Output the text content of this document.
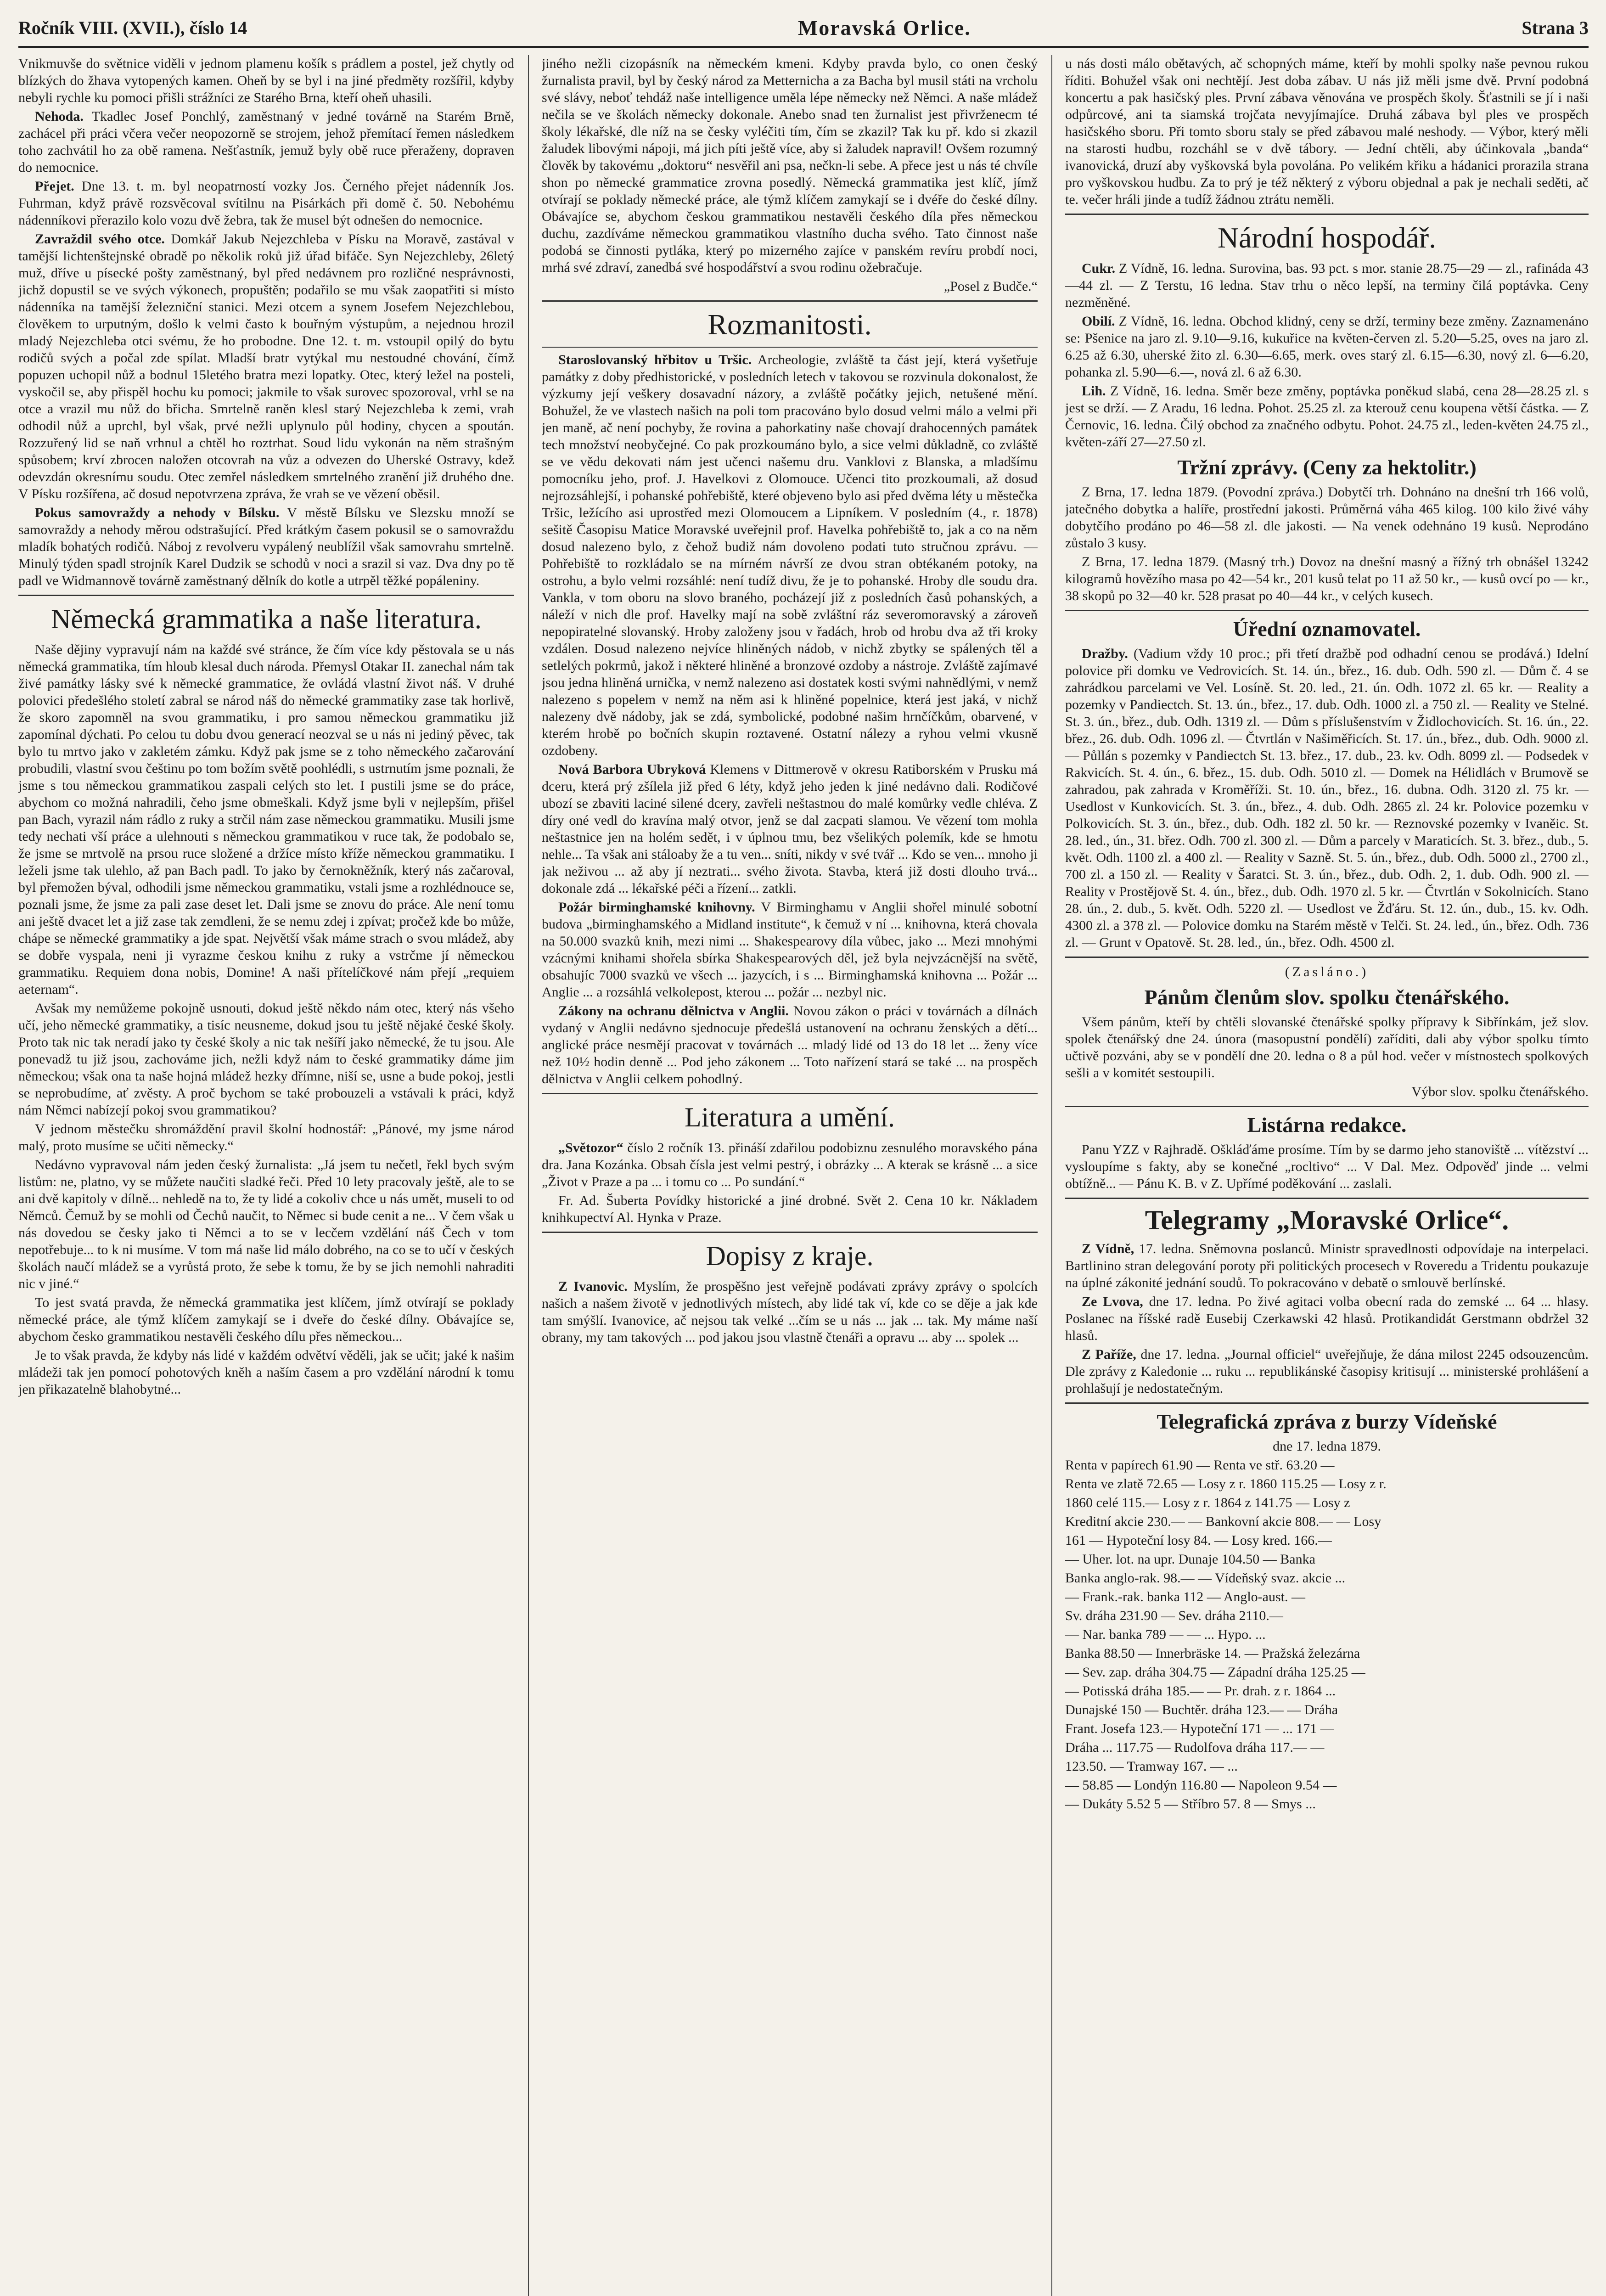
Ročník VIII. (XVII.), číslo 14	Moravská Orlice.	Strana 3

Vnikmuvše do světnice viděli v jednom plamenu košík s prádlem a postel, jež chytly od blízkých do žhava vytopených kamen. Oheň by se byl i na jiné předměty rozšířil, kdyby nebyli rychle ku pomoci přišli strážníci ze Starého Brna, kteří oheň uhasili.

Nehoda. Tkadlec Josef Ponchlý, zaměstnaný v jedné továrně na Starém Brně, zachácel při práci včera večer neopozorně se strojem, jehož přemítací řemen následkem toho zachvátil ho za obě ramena. Nešťastník, jemuž byly obě ruce přeraženy, dopraven do nemocnice.

Přejet. Dne 13. t. m. byl neopatrností vozky Jos. Černého přejet nádenník Jos. Fuhrman, když právě rozsvěcoval svítilnu na Pisárkách při domě č. 50. Nebohému nádenníkovi přerazilo kolo vozu dvě žebra, tak že musel být odnešen do nemocnice.

Zavraždil svého otce. Domkář Jakub Nejezchleba v Písku na Moravě, zastával v tamější lichtenštejnské obradě po několik roků již úřad bifáče. Syn Nejezchleby, 26letý muž, dříve u písecké pošty zaměstnaný, byl před nedávnem pro rozličné nesprávnosti, jichž dopustil se ve svých výkonech, propuštěn; podařilo se mu však zaopatřiti si místo nádenníka na tamější železniční stanici. Mezi otcem a synem Josefem Nejezchlebou, člověkem to urputným, došlo k velmi často k bouřným výstupům, a nejednou hrozil mladý Nejezchleba otci svému, že ho probodne. Dne 12. t. m. vstoupil opilý do bytu rodičů svých a počal zde spílat. Mladší bratr vytýkal mu nestoudné chování, čímž popuzen uchopil nůž a bodnul 15letého bratra mezi lopatky. Otec, který ležel na posteli, vyskočil se, aby přispěl hochu ku pomoci; jakmile to však surovec spozoroval, vrhl se na otce a vrazil mu nůž do břicha. Smrtelně raněn klesl starý Nejezchleba k zemi, vrah odhodil nůž a uprchl, byl však, prvé nežli uplynulo půl hodiny, chycen a spoután. Rozzuřený lid se naň vrhnul a chtěl ho roztrhat. Soud lidu vykonán na něm strašným spůsobem; krví zbrocen naložen otcovrah na vůz a odvezen do Uherské Ostravy, kdež odevzdán okresnímu soudu. Otec zemřel následkem smrtelného zranění již druhého dne. V Písku rozšířena, ač dosud nepotvrzena zpráva, že vrah se ve vězení oběsil.

Pokus samovraždy a nehody v Bílsku. V městě Bílsku ve Slezsku množí se samovraždy a nehody měrou odstrašující. Před krátkým časem pokusil se o samovraždu mladík bohatých rodičů. Náboj z revolveru vypálený neublížil však samovrahu smrtelně. Minulý týden spadl strojník Karel Dudzik se schodů v noci a srazil si vaz. Dva dny po tě padl ve Widmannově továrně zaměstnaný dělník do kotle a utrpěl těžké popáleniny.

Německá grammatika a naše literatura.

Naše dějiny vypravují nám na každé své stránce, že čím více kdy pěstovala se u nás německá grammatika, tím hloub klesal duch národa. Přemysl Otakar II. zanechal nám tak živé památky lásky své k německé grammatice, že ovládá vlastní život náš. V druhé polovici předešlého století zabral se národ náš do německé grammatiky zase tak horlivě, že skoro zapomněl na svou grammatiku, i pro samou německou grammatiku již zapomínal dýchati. Po celou tu dobu dvou generací neozval se u nás ni jediný pěvec, tak bylo tu mrtvo jako v zakletém zámku. Když pak jsme se z toho německého začarování probudili, vlastní svou češtinu po tom božím světě poohlédli, s ustrnutím jsme poznali, že jsme s tou německou grammatikou zaspali celých sto let. I pustili jsme se do práce, abychom co možná nahradili, čeho jsme obmeškali. Když jsme byli v nejlepším, přišel pan Bach, vyrazil nám rádlo z ruky a strčil nám zase německou grammatiku. Musili jsme tedy nechati vší práce a ulehnouti s německou grammatikou v ruce tak, že podobalo se, že jsme se mrtvolě na prsou ruce složené a držíce místo kříže německou grammatiku. I leželi jsme tak ulehlo, až pan Bach padl. To jako by černokněžník, který nás začaroval, byl přemožen býval, odhodili jsme německou grammatiku, vstali jsme a rozhlédnouce se, poznali jsme, že jsme za pali zase deset let. Dali jsme se znovu do práce. Ale není tomu ani ještě dvacet let a již zase tak zemdleni, že se nemu zdej i zpívat; pročež kde bo může, chápe se německé grammatiky a jde spat. Největší však máme strach o svou mládež, aby se dobře vyspala, neni ji vyrazme českou knihu z ruky a vstrčme jí německou grammatiku. Requiem dona nobis, Domine! A naši přítelíčkové nám přejí „requiem aeternam“.

Avšak my nemůžeme pokojně usnouti, dokud ještě někdo nám otec, který nás všeho učí, jeho německé grammatiky, a tisíc neusneme, dokud jsou tu ještě nějaké české školy. Proto tak nic tak neradí jako ty české školy a nic tak nešíří jako německé, že tu jsou. Ale ponevadž tu již jsou, zachováme jich, nežli když nám to české grammatiky dáme jim německou; však ona ta naše hojná mládež hezky dřímne, niší se, usne a bude pokoj, jestli se neprobudíme, ať zvěsty. A proč bychom se také probouzeli a vstávali k práci, když nám Němci nabízejí pokoj svou grammatikou?

V jednom městečku shromáždění pravil školní hodnostář: „Pánové, my jsme národ malý, proto musíme se učiti německy.“

Nedávno vypravoval nám jeden český žurnalista: „Já jsem tu nečetl, řekl bych svým listům: ne, platno, vy se můžete naučiti sladké řeči. Před 10 lety pracovaly ještě, ale to se ani dvě kapitoly v dílně... nehledě na to, že ty lidé a cokoliv chce u nás umět, museli to od Němců. Čemuž by se mohli od Čechů naučit, to Němec si bude cenit a ne... V čem však u nás dovedou se česky jako ti Němci a to se v lecčem vzdělání náš Čech v tom nepotřebuje... to k ni musíme. V tom má naše lid málo dobrého, na co se to učí v českých školách naučí mládež se a vyrůstá proto, že sebe k tomu, že by se jich nemohli nahraditi nic v jiné.“

To jest svatá pravda, že německá grammatika jest klíčem, jímž otvírají se poklady německé práce, ale týmž klíčem zamykají se i dveře do české dílny. Obávajíce se, abychom česko grammatikou nestavěli českého dílu přes německou...

Je to však pravda, že kdyby nás lidé v každém odvětví věděli, jak se učit; jaké k našim mládeži tak jen pomocí pohotových kněh a naším časem a pro vzdělání národní k tomu jen přikazatelně blahobytné...

jiného nežli cizopásník na německém kmeni. Kdyby pravda bylo, co onen český žurnalista pravil, byl by český národ za Metternicha a za Bacha byl musil státi na vrcholu své slávy, neboť tehdáž naše intelligence uměla lépe německy než Němci. A naše mládež nečila se ve školách německy dokonale. Anebo snad ten žurnalist jest přivrženecm té školy lékařské, dle níž na se česky vyléčiti tím, čím se zkazil? Tak ku př. kdo si zkazil žaludek libovými nápoji, má jich píti ještě více, aby si žaludek napravil! Ovšem rozumný člověk by takovému „doktoru“ nesvěřil ani psa, nečkn-li sebe. A přece jest u nás té chvíle shon po německé grammatice zrovna posedlý. Německá grammatika jest klíč, jímž otvírají se poklady německé práce, ale týmž klíčem zamykají se i dvéře do české dílny. Obávajíce se, abychom českou grammatikou nestavěli českého díla přes německou duchu, zazdíváme německou grammatikou vlastního ducha svého. Tato činnost naše podobá se činnosti pytláka, který po mizerného zajíce v panském revíru probdí noci, mrhá své zdraví, zanedbá své hospodářství a svou rodinu ožebračuje.

„Posel z Budče.“

Rozmanitosti.

Staroslovanský hřbitov u Tršic. Archeologie, zvláště ta část její, která vyšetřuje památky z doby předhistorické, v posledních letech v takovou se rozvinula dokonalost, že výzkumy její veškery dosavadní názory, a zvláště počátky jejich, netušené mění. Bohužel, že ve vlastech našich na poli tom pracováno bylo dosud velmi málo a velmi při jen maně, ač není pochyby, že rovina a pahorkatiny naše chovají drahocenných památek tech množství neobyčejné. Co pak prozkoumáno bylo, a sice velmi důkladně, co zvláště se ve vědu dekovati nám jest učenci našemu dru. Vanklovi z Blanska, a mladšímu pomocníku jeho, prof. J. Havelkovi z Olomouce. Učenci tito prozkoumali, až dosud nejrozsáhlejší, i pohanské pohřebiště, které objeveno bylo asi před dvěma léty u městečka Tršic, ležícího asi uprostřed mezi Olomoucem a Lipníkem. V posledním (4., r. 1878) sešitě Časopisu Matice Moravské uveřejnil prof. Havelka pohřebiště to, jak a co na něm dosud nalezeno bylo, z čehož budiž nám dovoleno podati tuto stručnou zprávu. — Pohřebiště to rozkládalo se na mírném návrší ze dvou stran obtékaném potoky, na ostrohu, a bylo velmi rozsáhlé: není tudíž divu, že je to pohanské. Hroby dle soudu dra. Vankla, v tom oboru na slovo braného, pocházejí již z posledních časů pohanských, a náleží v nich dle prof. Havelky mají na sobě zvláštní ráz severomoravský a zároveň nepopiratelné slovanský. Hroby založeny jsou v řadách, hrob od hrobu dva až tři kroky vzdálen. Dosud nalezeno nejvíce hliněných nádob, v nichž zbytky se spálených těl a setlelých pokrmů, jakož i některé hliněné a bronzové ozdoby a nástroje. Zvláště zajímavé jsou jedna hliněná urnička, v nemž nalezeno asi dostatek kosti svými nahnědlými, v nemž nalezeno s popelem v nemž na něm asi k hliněné popelnice, která jest jaká, v nichž nalezeny dvě nádoby, jak se zdá, symbolické, podobné našim hrnčíčkům, obarvené, v kterém hrobě po bočních skupin roztavené. Ostatní nálezy a ryhou velmi vkusně ozdobeny.

Nová Barbora Ubryková Klemens v Dittmerově v okresu Ratiborském v Prusku má dceru, která prý zšílela již před 6 léty, když jeho jeden k jiné nedávno dali. Rodičové ubozí se zbaviti laciné silené dcery, zavřeli neštastnou do malé komůrky vedle chléva. Z díry oné vedl do kravína malý otvor, jenž se dal zacpati slamou. Ve vězení tom mohla neštastnice jen na holém sedět, i v úplnou tmu, bez všelikých polemík, kde se hmotu nehle... Ta však ani stáloaby že a tu ven... sníti, nikdy v své tvář ... Kdo se ven... mnoho ji jak neživou ... až aby jí neztrati... svého života. Stavba, která již dosti dlouho trvá... dokonale zdá ... lékařské péči a řízení... zatkli.

Požár birminghamské knihovny. V Birminghamu v Anglii shořel minulé sobotní budova „birminghamského a Midland institute“, k čemuž v ní ... knihovna, která chovala na 50.000 svazků knih, mezi nimi ... Shakespearovy díla vůbec, jako ... Mezi mnohými vzácnými knihami shořela sbírka Shakespearových děl, jež byla nejvzácnější na světě, obsahujíc 7000 svazků ve všech ... jazycích, i s ... Birminghamská knihovna ... Požár ... Anglie ... a rozsáhlá velkolepost, kterou ... požár ... nezbyl nic.

Zákony na ochranu dělnictva v Anglii. Novou zákon o práci v továrnách a dílnách vydaný v Anglii nedávno sjednocuje předešlá ustanovení na ochranu ženských a dětí... anglické práce nesmějí pracovat v továrnách ... mladý lidé od 13 do 18 let ... ženy více než 10½ hodin denně ... Pod jeho zákonem ... Toto nařízení stará se také ... na prospěch dělnictva v Anglii celkem pohodlný.

Literatura a umění.

„Světozor“ číslo 2 ročník 13. přináší zdařilou podobiznu zesnulého moravského pána dra. Jana Kozánka. Obsah čísla jest velmi pestrý, i obrázky ... A kterak se krásně ... a sice „Život v Praze a pa ... i tomu co ... Po sundání.“

Fr. Ad. Šuberta Povídky historické a jiné drobné. Svět 2. Cena 10 kr. Nákladem knihkupectví Al. Hynka v Praze.

Dopisy z kraje.

Z Ivanovic. Myslím, že prospěšno jest veřejně podávati zprávy zprávy o spolcích našich a našem životě v jednotlivých místech, aby lidé tak ví, kde co se děje a jak kde tam smýšlí. Ivanovice, ač nejsou tak velké ...čím se u nás ... jak ... tak. My máme naší obrany, my tam takových ... pod jakou jsou vlastně čtenáři a opravu ... aby ... spolek ...

u nás dosti málo obětavých, ač schopných máme, kteří by mohli spolky naše pevnou rukou říditi. Bohužel však oni nechtějí. Jest doba zábav. U nás již měli jsme dvě. První podobná koncertu a pak hasičský ples. První zábava věnována ve prospěch školy. Šťastnili se jí i naši odpůrcové, ani ta siamská trojčata nevyjímajíce. Druhá zábava byl ples ve prospěch hasičského sboru. Při tomto sboru staly se před zábavou malé neshody. — Výbor, který měli na starosti hudbu, rozcháhl se v dvě tábory. — Jední chtěli, aby účinkovala „banda“ ivanovická, druzí aby vyškovská byla povolána. Po velikém křiku a hádanici prorazila strana pro vyškovskou hudbu. Za to prý je též některý z výboru objednal a pak je nechali seděti, ač te. večer hráli jinde a tudíž žádnou ztrátu neměli.

Národní hospodář.

Cukr. Z Vídně, 16. ledna. Surovina, bas. 93 pct. s mor. stanie 28.75—29 — zl., rafináda 43—44 zl. — Z Terstu, 16 ledna. Stav trhu o něco lepší, na terminy čilá poptávka. Ceny nezměněné.

Obilí. Z Vídně, 16. ledna. Obchod klidný, ceny se drží, terminy beze změny. Zaznamenáno se: Pšenice na jaro zl. 9.10—9.16, kukuřice na květen-červen zl. 5.20—5.25, oves na jaro zl. 6.25 až 6.30, uherské žito zl. 6.30—6.65, merk. oves starý zl. 6.15—6.30, nový zl. 6—6.20, pohanka zl. 5.90—6.—, nová zl. 6 až 6.30.

Lih. Z Vídně, 16. ledna. Směr beze změny, poptávka poněkud slabá, cena 28—28.25 zl. s jest se drží. — Z Aradu, 16 ledna. Pohot. 25.25 zl. za kterouž cenu koupena větší částka. — Z Černovic, 16. ledna. Čilý obchod za značného odbytu. Pohot. 24.75 zl., leden-květen 24.75 zl., květen-září 27—27.50 zl.

Tržní zprávy. (Ceny za hektolitr.)

Z Brna, 17. ledna 1879. (Povodní zpráva.) Dobytčí trh. Dohnáno na dnešní trh 166 volů, jatečného dobytka a halíře, prostřední jakosti. Průměrná váha 465 kilog. 100 kilo živé váhy dobytčího prodáno po 46—58 zl. dle jakosti. — Na venek odehnáno 19 kusů. Neprodáno zůstalo 3 kusy.

Z Brna, 17. ledna 1879. (Masný trh.) Dovoz na dnešní masný a řížný trh obnášel 13242 kilogramů hovězího masa po 42—54 kr., 201 kusů telat po 11 až 50 kr., — kusů ovcí po — kr., 38 skopů po 32—40 kr. 528 prasat po 40—44 kr., v celých kusech.

Úřední oznamovatel.

Dražby. (Vadium vždy 10 proc.; při třetí dražbě pod odhadní cenou se prodává.) Idelní polovice při domku ve Vedrovicích. St. 14. ún., břez., 16. dub. Odh. 590 zl. — Dům č. 4 se zahrádkou parcelami ve Vel. Losíně. St. 20. led., 21. ún. Odh. 1072 zl. 65 kr. — Reality a pozemky v Pandiectch. St. 13. ún., břez., 17. dub. Odh. 1000 zl. a 750 zl. — Reality ve Stelné. St. 3. ún., břez., dub. Odh. 1319 zl. — Dům s příslušenstvím v Židlochovicích. St. 16. ún., 22. břez., 26. dub. Odh. 1096 zl. — Čtvrtlán v Našiměřicích. St. 17. ún., břez., dub. Odh. 9000 zl. — Půllán s pozemky v Pandiectch St. 13. břez., 17. dub., 23. kv. Odh. 8099 zl. — Podsedek v Rakvicích. St. 4. ún., 6. břez., 15. dub. Odh. 5010 zl. — Domek na Hélidlách v Brumově se zahradou, pak zahrada v Kroměříži. St. 10. ún., břez., 16. dubna. Odh. 3120 zl. 75 kr. — Usedlost v Kunkovicích. St. 3. ún., břez., 4. dub. Odh. 2865 zl. 24 kr. Polovice pozemku v Polkovicích. St. 3. ún., břez., dub. Odh. 182 zl. 50 kr. — Reznovské pozemky v Ivaněic. St. 28. led., ún., 31. břez. Odh. 700 zl. 300 zl. — Dům a parcely v Maraticích. St. 3. břez., dub., 5. květ. Odh. 1100 zl. a 400 zl. — Reality v Sazně. St. 5. ún., břez., dub. Odh. 5000 zl., 2700 zl., 700 zl. a 150 zl. — Reality v Šaratci. St. 3. ún., břez., dub. Odh. 2, 1. dub. Odh. 900 zl. — Reality v Prostějově St. 4. ún., břez., dub. Odh. 1970 zl. 5 kr. — Čtvrtlán v Sokolnicích. Stano 28. ún., 2. dub., 5. květ. Odh. 5220 zl. — Usedlost ve Žďáru. St. 12. ún., dub., 15. kv. Odh. 4300 zl. a 378 zl. — Polovice domku na Starém městě v Telči. St. 24. led., ún., břez. Odh. 736 zl. — Grunt v Opatově. St. 28. led., ún., břez. Odh. 4500 zl.

(Zasláno.)

Pánům členům slov. spolku čtenářského.

Všem pánům, kteří by chtěli slovanské čtenářské spolky přípravy k Sibřínkám, jež slov. spolek čtenářský dne 24. února (masopustní pondělí) zaříditi, dali aby výbor spolku tímto učtivě pozváni, aby se v pondělí dne 20. ledna o 8 a půl hod. večer v místnostech spolkových sešli a v komitét sestoupili.

Výbor slov. spolku čtenářského.

Listárna redakce.

Panu YZZ v Rajhradě. Oškláďáme prosíme. Tím by se darmo jeho stanoviště ... vítězství ... vysloupíme s fakty, aby se konečné „rocltivo“ ... V Dal. Mez. Odpověď jinde ... velmi obtížně... — Pánu K. B. v Z. Upřímé poděkování ... zaslali.

Telegramy „Moravské Orlice“.

Z Vídně, 17. ledna. Sněmovna poslanců. Ministr spravedlnosti odpovídaje na interpelaci. Bartlinino stran delegování poroty při politických procesech v Roveredu a Tridentu poukazuje na úplné zákonité jednání soudů. To pokracováno v debatě o smlouvě berlínské.

Ze Lvova, dne 17. ledna. Po živé agitaci volba obecní rada do zemské ... 64 ... hlasy. Poslanec na říšské radě Eusebij Czerkawski 42 hlasů. Protikandidát Gerstmann obdržel 32 hlasů.

Z Paříže, dne 17. ledna. „Journal officiel“ uveřejňuje, že dána milost 2245 odsouzencům. Dle zprávy z Kaledonie ... ruku ... republikánské časopisy kritisují ... ministerské prohlášení a prohlašují je nedostatečným.

Telegrafická zpráva z burzy Vídeňské

dne 17. ledna 1879.

Renta v papírech 61.90 — Renta ve stř. 63.20 —

Renta ve zlatě 72.65 — Losy z r. 1860 115.25 — Losy z r.

1860 celé 115.— Losy z r. 1864 z 141.75 — Losy z

Kreditní akcie 230.— — Bankovní akcie 808.— — Losy

161 — Hypoteční losy 84. — Losy kred. 166.—

— Uher. lot. na upr. Dunaje 104.50 — Banka

Banka anglo-rak. 98.— — Vídeňský svaz. akcie ...

— Frank.-rak. banka 112 — Anglo-aust. —

Sv. dráha 231.90 — Sev. dráha 2110.—

— Nar. banka 789 — — ... Hypo. ...

Banka 88.50 — Innerbräske 14. — Pražská železárna

— Sev. zap. dráha 304.75 — Západní dráha 125.25 —

— Potisská dráha 185.— — Pr. drah. z r. 1864 ...

Dunajské 150 — Buchtěr. dráha 123.— — Dráha

Frant. Josefa 123.— Hypoteční 171 — ... 171 —

Dráha ... 117.75 — Rudolfova dráha 117.— —

123.50. — Tramway 167. — ...

— 58.85 — Londýn 116.80 — Napoleon 9.54 —

— Dukáty 5.52 5 — Stříbro 57. 8 — Smys ...
